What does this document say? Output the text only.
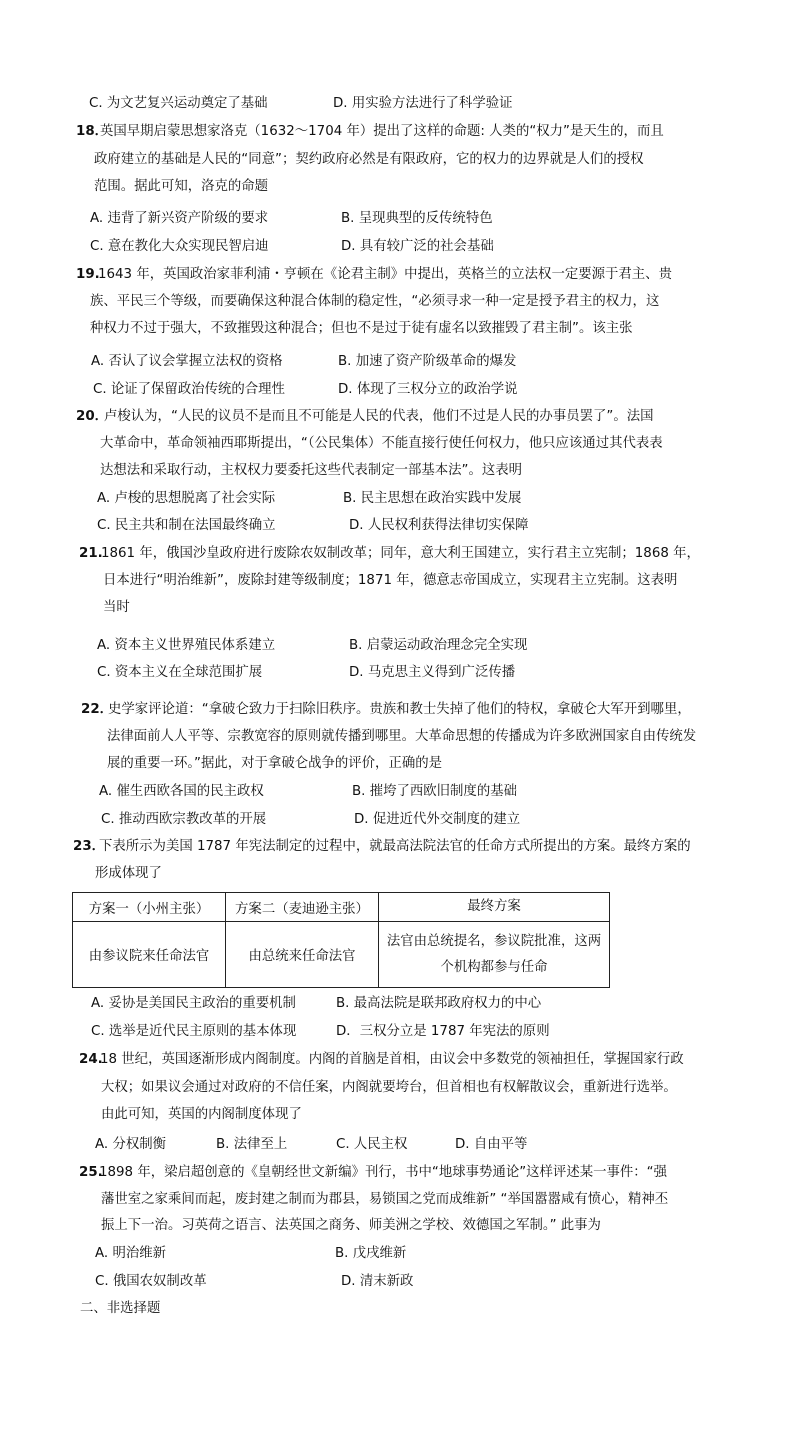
C. 为文艺复兴运动奠定了基础	D. 用实验方法进行了科学验证
18．
英国早期启蒙思想家洛克（1632～1704 年）提出了这样的命题: 人类的“权力”是天生的，而且
政府建立的基础是人民的“同意”；契约政府必然是有限政府，它的权力的边界就是人们的授权
范围。据此可知，洛克的命题
A. 违背了新兴资产阶级的要求	B. 呈现典型的反传统特色
C. 意在教化大众实现民智启迪	D. 具有较广泛的社会基础
19.
1643 年，英国政治家菲利浦・亨顿在《论君主制》中提出，英格兰的立法权一定要源于君主、贵
族、平民三个等级，而要确保这种混合体制的稳定性，“必须寻求一种一定是授予君主的权力，这
种权力不过于强大，不致摧毁这种混合；但也不是过于徒有虚名以致摧毁了君主制”。该主张
A. 否认了议会掌握立法权的资格	B. 加速了资产阶级革命的爆发
C. 论证了保留政治传统的合理性	D. 体现了三权分立的政治学说
20．
卢梭认为，“人民的议员不是而且不可能是人民的代表，他们不过是人民的办事员罢了”。法国
大革命中，革命领袖西耶斯提出，“（公民集体）不能直接行使任何权力，他只应该通过其代表表
达想法和采取行动，主权权力要委托这些代表制定一部基本法”。这表明
A. 卢梭的思想脱离了社会实际	B. 民主思想在政治实践中发展
C. 民主共和制在法国最终确立	D. 人民权利获得法律切实保障
21.
1861 年，俄国沙皇政府进行废除农奴制改革；同年，意大利王国建立，实行君主立宪制；1868 年，
日本进行“明治维新”，废除封建等级制度；1871 年，德意志帝国成立，实现君主立宪制。这表明
当时
A. 资本主义世界殖民体系建立	B. 启蒙运动政治理念完全实现
C. 资本主义在全球范围扩展	D. 马克思主义得到广泛传播
22．
史学家评论道：“拿破仑致力于扫除旧秩序。贵族和教士失掉了他们的特权，拿破仑大军开到哪里，
法律面前人人平等、宗教宽容的原则就传播到哪里。大革命思想的传播成为许多欧洲国家自由传统发
展的重要一环。”据此，对于拿破仑战争的评价，正确的是
A. 催生西欧各国的民主政权	B. 摧垮了西欧旧制度的基础
C. 推动西欧宗教改革的开展	D. 促进近代外交制度的建立
23．
下表所示为美国 1787 年宪法制定的过程中，就最高法院法官的任命方式所提出的方案。最终方案的
形成体现了
方案一（小州主张）	方案二（麦迪逊主张）	最终方案
由参议院来任命法官	由总统来任命法官	法官由总统提名，参议院批准，这两个机构都参与任命
A. 妥协是美国民主政治的重要机制	B. 最高法院是联邦政府权力的中心
C. 选举是近代民主原则的基本体现	D．三权分立是 1787 年宪法的原则
24.
18 世纪，英国逐渐形成内阁制度。内阁的首脑是首相，由议会中多数党的领袖担任，掌握国家行政
大权；如果议会通过对政府的不信任案，内阁就要垮台，但首相也有权解散议会，重新进行选举。
由此可知，英国的内阁制度体现了
A. 分权制衡	B. 法律至上	C. 人民主权	D. 自由平等
25.
1898 年，梁启超创意的《皇朝经世文新编》刊行，书中“地球事势通论”这样评述某一事件：“强
藩世室之家乘间而起，废封建之制而为郡县，易锁国之党而成维新” “举国嚣嚣咸有愤心，精神丕
振上下一治。习英荷之语言、法英国之商务、师美洲之学校、效德国之军制。” 此事为
A. 明治维新	B. 戊戌维新
C. 俄国农奴制改革	D. 清末新政
二、非选择题
